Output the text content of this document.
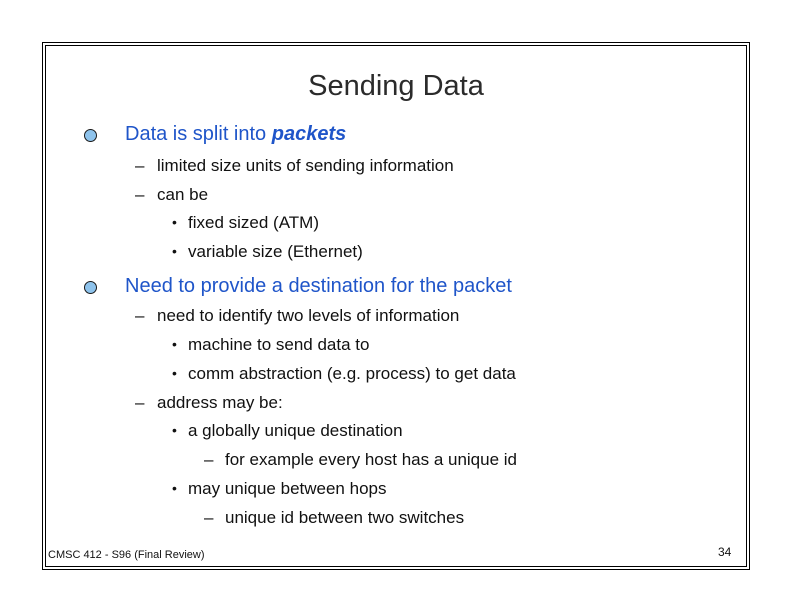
Sending Data
Data is split into packets
– limited size units of sending information
– can be
• fixed sized (ATM)
• variable size (Ethernet)
Need to provide a destination for the packet
– need to identify two levels of information
• machine to send data to
• comm abstraction (e.g. process) to get data
– address may be:
• a globally unique destination
– for example every host has a unique id
• may unique between hops
– unique id between two switches
CMSC 412 - S96 (Final Review)	34
